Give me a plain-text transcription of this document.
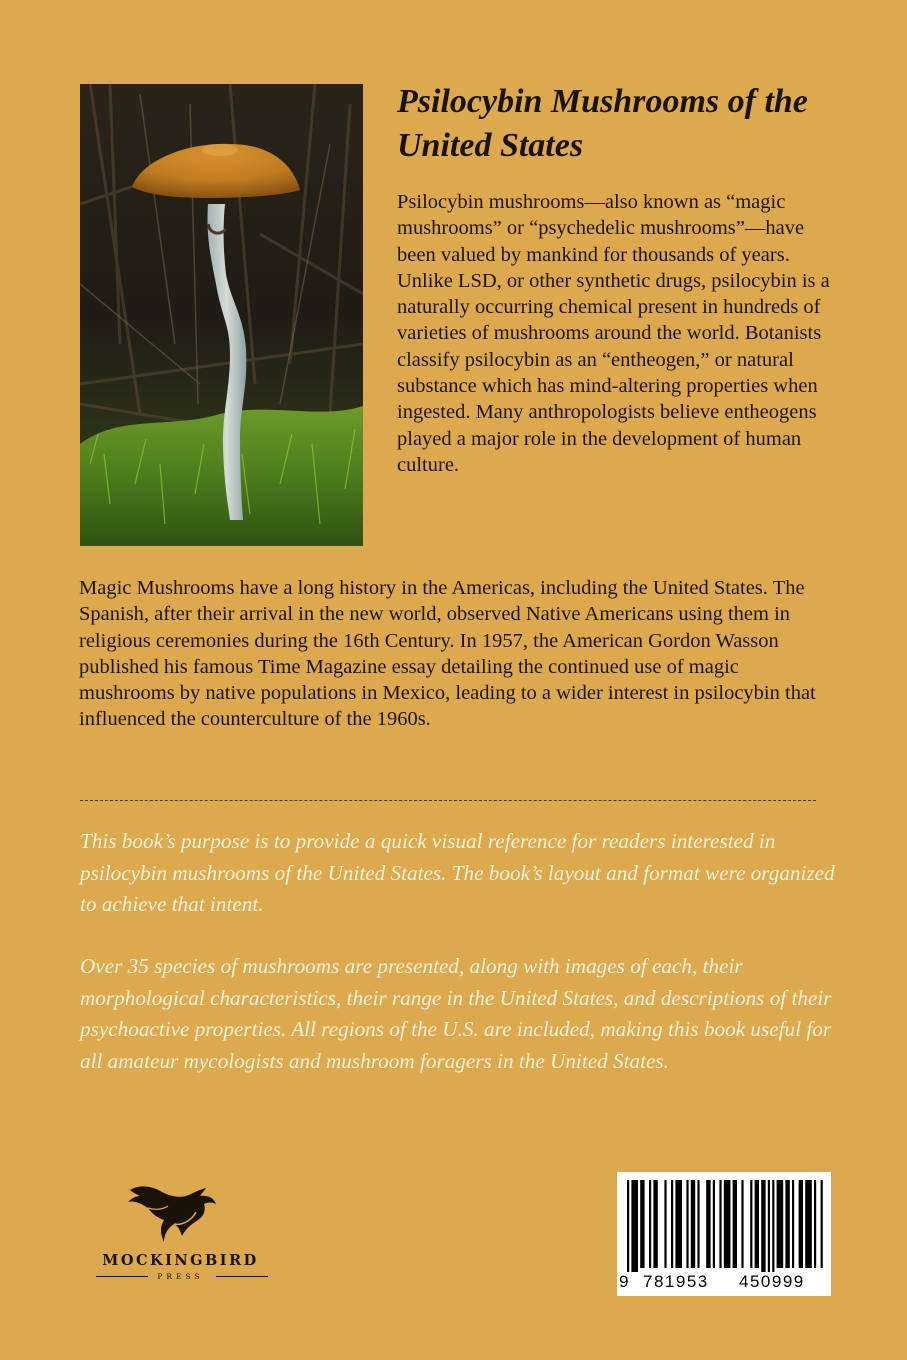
Psilocybin Mushrooms of the United States

Psilocybin mushrooms—also known as “magic mushrooms” or “psychedelic mushrooms”—have been valued by mankind for thousands of years. Unlike LSD, or other synthetic drugs, psilocybin is a naturally occurring chemical present in hundreds of varieties of mushrooms around the world. Botanists classify psilocybin as an “entheogen,” or natural substance which has mind-altering properties when ingested. Many anthropologists believe entheogens played a major role in the development of human culture.

Magic Mushrooms have a long history in the Americas, including the United States. The Spanish, after their arrival in the new world, observed Native Americans using them in religious ceremonies during the 16th Century. In 1957, the American Gordon Wasson published his famous Time Magazine essay detailing the continued use of magic mushrooms by native populations in Mexico, leading to a wider interest in psilocybin that influenced the counterculture of the 1960s.

This book’s purpose is to provide a quick visual reference for readers interested in psilocybin mushrooms of the United States. The book’s layout and format were organized to achieve that intent.

Over 35 species of mushrooms are presented, along with images of each, their morphological characteristics, their range in the United States, and descriptions of their psychoactive properties. All regions of the U.S. are included, making this book useful for all amateur mycologists and mushroom foragers in the United States.

MOCKINGBIRD
PRESS	9 781953 450999
